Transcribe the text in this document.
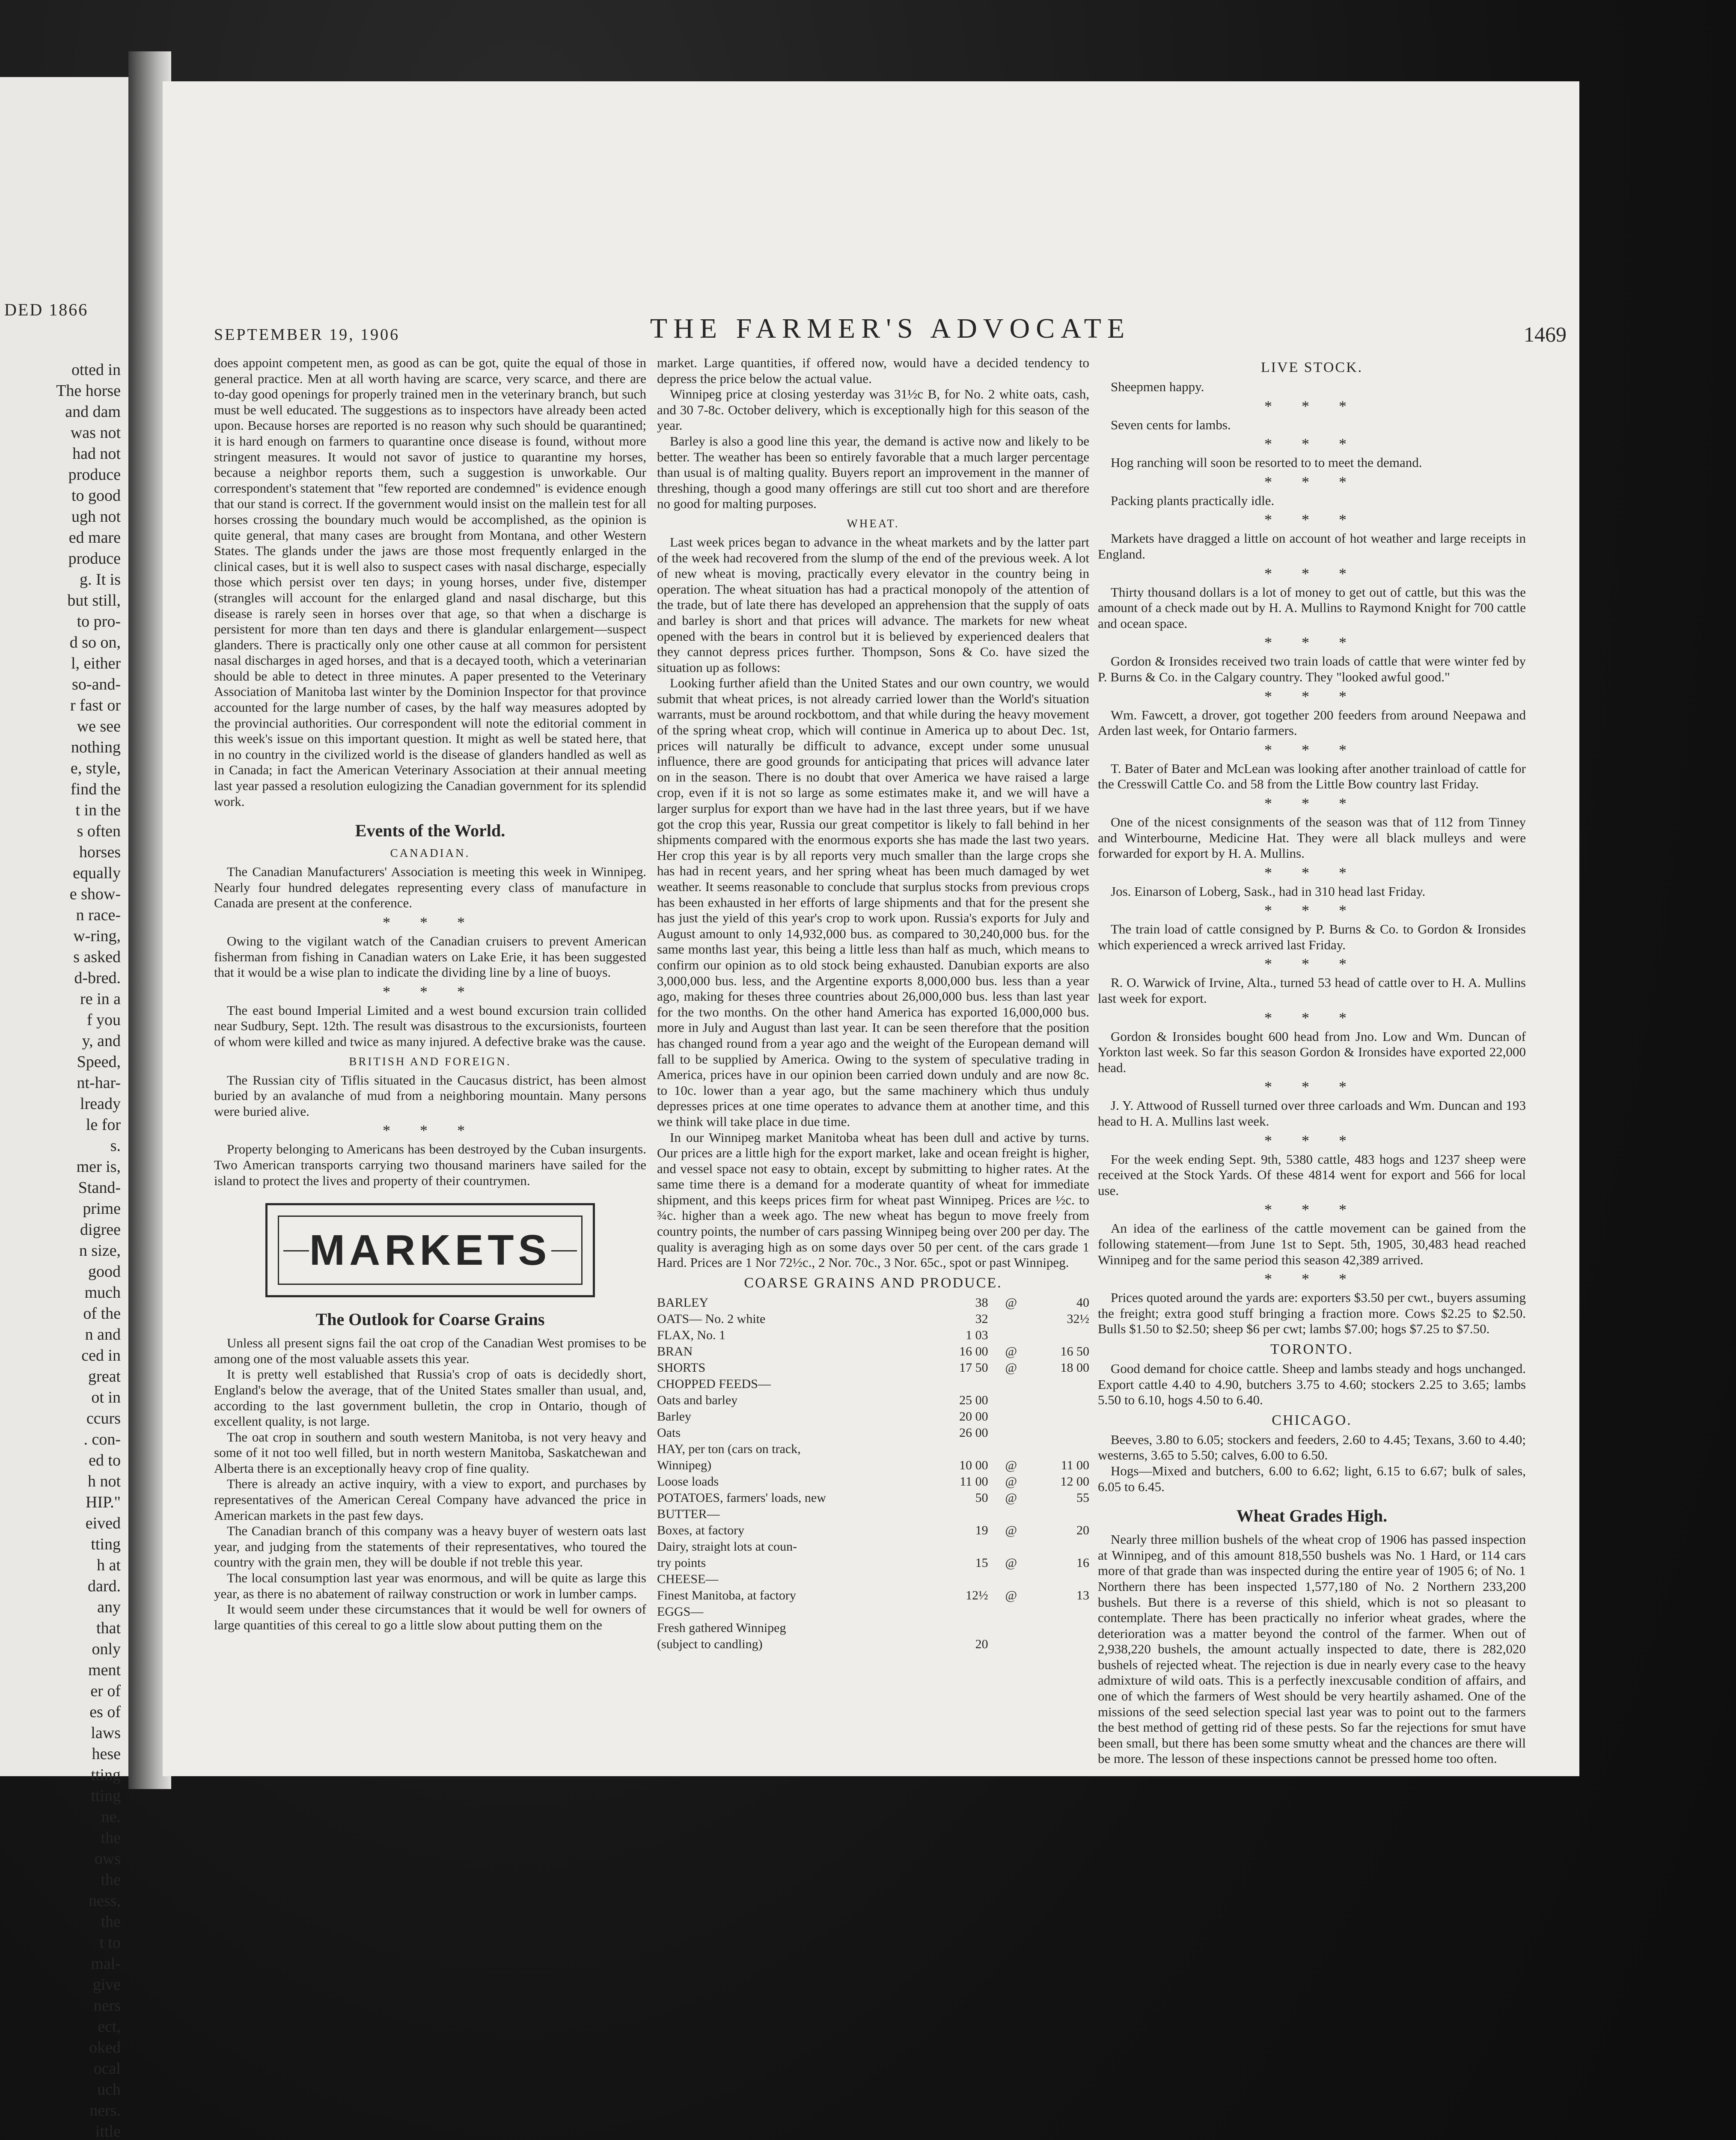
DED 1866
otted in
The horse
and dam
was not
had not
produce
to good
ugh not
ed mare
produce
g. It is
but still,
to pro-
d so on,
l, either
so-and-
r fast or
we see
nothing
e, style,
find the
t in the
s often
horses
equally
e show-
n race-
w-ring,
s asked
d-bred.
re in a
f you
y, and
Speed,
nt-har-
lready
le for
s.
mer is,
Stand-
prime
digree
n size,
good
much
of the
n and
ced in
great
ot in
ccurs
. con-
ed to
h not
HIP."
eived
tting
h at
dard.
any
that
only
ment
er of
es of
laws
hese
tting
tting
ne.
the
ows
the
ness,
the
t to
mal-
give
ners
ect,
oked
ocal
uch
ners.
ittle
SEPTEMBER 19, 1906	THE FARMER'S ADVOCATE	1469

does appoint competent men, as good as can be got, quite the equal of those in general practice. Men at all worth having are scarce, very scarce, and there are to-day good openings for properly trained men in the veterinary branch, but such must be well educated. The suggestions as to inspectors have already been acted upon. Because horses are reported is no reason why such should be quarantined; it is hard enough on farmers to quarantine once disease is found, without more stringent measures. It would not savor of justice to quarantine my horses, because a neighbor reports them, such a suggestion is unworkable. Our correspondent's statement that "few reported are condemned" is evidence enough that our stand is correct. If the government would insist on the mallein test for all horses crossing the boundary much would be accomplished, as the opinion is quite general, that many cases are brought from Montana, and other Western States. The glands under the jaws are those most frequently enlarged in the clinical cases, but it is well also to suspect cases with nasal discharge, especially those which persist over ten days; in young horses, under five, distemper (strangles will account for the enlarged gland and nasal discharge, but this disease is rarely seen in horses over that age, so that when a discharge is persistent for more than ten days and there is glandular enlargement—suspect glanders. There is practically only one other cause at all common for persistent nasal discharges in aged horses, and that is a decayed tooth, which a veterinarian should be able to detect in three minutes. A paper presented to the Veterinary Association of Manitoba last winter by the Dominion Inspector for that province accounted for the large number of cases, by the half way measures adopted by the provincial authorities. Our correspondent will note the editorial comment in this week's issue on this important question. It might as well be stated here, that in no country in the civilized world is the disease of glanders handled as well as in Canada; in fact the American Veterinary Association at their annual meeting last year passed a resolution eulogizing the Canadian government for its splendid work.

Events of the World.
CANADIAN.

The Canadian Manufacturers' Association is meeting this week in Winnipeg. Nearly four hundred delegates representing every class of manufacture in Canada are present at the conference.

* * *

Owing to the vigilant watch of the Canadian cruisers to prevent American fisherman from fishing in Canadian waters on Lake Erie, it has been suggested that it would be a wise plan to indicate the dividing line by a line of buoys.

* * *

The east bound Imperial Limited and a west bound excursion train collided near Sudbury, Sept. 12th. The result was disastrous to the excursionists, fourteen of whom were killed and twice as many injured. A defective brake was the cause.

BRITISH AND FOREIGN.

The Russian city of Tiflis situated in the Caucasus district, has been almost buried by an avalanche of mud from a neighboring mountain. Many persons were buried alive.

* * *

Property belonging to Americans has been destroyed by the Cuban insurgents. Two American transports carrying two thousand mariners have sailed for the island to protect the lives and property of their countrymen.

MARKETS
The Outlook for Coarse Grains

Unless all present signs fail the oat crop of the Canadian West promises to be among one of the most valuable assets this year.

It is pretty well established that Russia's crop of oats is decidedly short, England's below the average, that of the United States smaller than usual, and, according to the last government bulletin, the crop in Ontario, though of excellent quality, is not large.

The oat crop in southern and south western Manitoba, is not very heavy and some of it not too well filled, but in north western Manitoba, Saskatchewan and Alberta there is an exceptionally heavy crop of fine quality.

There is already an active inquiry, with a view to export, and purchases by representatives of the American Cereal Company have advanced the price in American markets in the past few days.

The Canadian branch of this company was a heavy buyer of western oats last year, and judging from the statements of their representatives, who toured the country with the grain men, they will be double if not treble this year.

The local consumption last year was enormous, and will be quite as large this year, as there is no abatement of railway construction or work in lumber camps.

It would seem under these circumstances that it would be well for owners of large quantities of this cereal to go a little slow about putting them on the

market. Large quantities, if offered now, would have a decided tendency to depress the price below the actual value.

Winnipeg price at closing yesterday was 31½c B, for No. 2 white oats, cash, and 30 7-8c. October delivery, which is exceptionally high for this season of the year.

Barley is also a good line this year, the demand is active now and likely to be better. The weather has been so entirely favorable that a much larger percentage than usual is of malting quality. Buyers report an improvement in the manner of threshing, though a good many offerings are still cut too short and are therefore no good for malting purposes.

WHEAT.

Last week prices began to advance in the wheat markets and by the latter part of the week had recovered from the slump of the end of the previous week. A lot of new wheat is moving, practically every elevator in the country being in operation. The wheat situation has had a practical monopoly of the attention of the trade, but of late there has developed an apprehension that the supply of oats and barley is short and that prices will advance. The markets for new wheat opened with the bears in control but it is believed by experienced dealers that they cannot depress prices further. Thompson, Sons & Co. have sized the situation up as follows:

Looking further afield than the United States and our own country, we would submit that wheat prices, is not already carried lower than the World's situation warrants, must be around rockbottom, and that while during the heavy movement of the spring wheat crop, which will continue in America up to about Dec. 1st, prices will naturally be difficult to advance, except under some unusual influence, there are good grounds for anticipating that prices will advance later on in the season. There is no doubt that over America we have raised a large crop, even if it is not so large as some estimates make it, and we will have a larger surplus for export than we have had in the last three years, but if we have got the crop this year, Russia our great competitor is likely to fall behind in her shipments compared with the enormous exports she has made the last two years. Her crop this year is by all reports very much smaller than the large crops she has had in recent years, and her spring wheat has been much damaged by wet weather. It seems reasonable to conclude that surplus stocks from previous crops has been exhausted in her efforts of large shipments and that for the present she has just the yield of this year's crop to work upon. Russia's exports for July and August amount to only 14,932,000 bus. as compared to 30,240,000 bus. for the same months last year, this being a little less than half as much, which means to confirm our opinion as to old stock being exhausted. Danubian exports are also 3,000,000 bus. less, and the Argentine exports 8,000,000 bus. less than a year ago, making for theses three countries about 26,000,000 bus. less than last year for the two months. On the other hand America has exported 16,000,000 bus. more in July and August than last year. It can be seen therefore that the position has changed round from a year ago and the weight of the European demand will fall to be supplied by America. Owing to the system of speculative trading in America, prices have in our opinion been carried down unduly and are now 8c. to 10c. lower than a year ago, but the same machinery which thus unduly depresses prices at one time operates to advance them at another time, and this we think will take place in due time.

In our Winnipeg market Manitoba wheat has been dull and active by turns. Our prices are a little high for the export market, lake and ocean freight is higher, and vessel space not easy to obtain, except by submitting to higher rates. At the same time there is a demand for a moderate quantity of wheat for immediate shipment, and this keeps prices firm for wheat past Winnipeg. Prices are ½c. to ¾c. higher than a week ago. The new wheat has begun to move freely from country points, the number of cars passing Winnipeg being over 200 per day. The quality is averaging high as on some days over 50 per cent. of the cars grade 1 Hard. Prices are 1 Nor 72½c., 2 Nor. 70c., 3 Nor. 65c., spot or past Winnipeg.

COARSE GRAINS AND PRODUCE.
BARLEY	38	@	40
OATS— No. 2 white	32		32½
FLAX, No. 1	1 03		
BRAN	16 00	@	16 50
SHORTS	17 50	@	18 00
CHOPPED FEEDS—			
Oats and barley	25 00		
Barley	20 00		
Oats	26 00		
HAY, per ton (cars on track,			
Winnipeg)	10 00	@	11 00
Loose loads	11 00	@	12 00
POTATOES, farmers' loads, new	50	@	55
BUTTER—			
Boxes, at factory	19	@	20
Dairy, straight lots at coun-			
try points	15	@	16
CHEESE—			
Finest Manitoba, at factory	12½	@	13
EGGS—			
Fresh gathered Winnipeg			
(subject to candling)	20		
LIVE STOCK.

Sheepmen happy.

* * *

Seven cents for lambs.

* * *

Hog ranching will soon be resorted to to meet the demand.

* * *

Packing plants practically idle.

* * *

Markets have dragged a little on account of hot weather and large receipts in England.

* * *

Thirty thousand dollars is a lot of money to get out of cattle, but this was the amount of a check made out by H. A. Mullins to Raymond Knight for 700 cattle and ocean space.

* * *

Gordon & Ironsides received two train loads of cattle that were winter fed by P. Burns & Co. in the Calgary country. They "looked awful good."

* * *

Wm. Fawcett, a drover, got together 200 feeders from around Neepawa and Arden last week, for Ontario farmers.

* * *

T. Bater of Bater and McLean was looking after another trainload of cattle for the Cresswill Cattle Co. and 58 from the Little Bow country last Friday.

* * *

One of the nicest consignments of the season was that of 112 from Tinney and Winterbourne, Medicine Hat. They were all black mulleys and were forwarded for export by H. A. Mullins.

* * *

Jos. Einarson of Loberg, Sask., had in 310 head last Friday.

* * *

The train load of cattle consigned by P. Burns & Co. to Gordon & Ironsides which experienced a wreck arrived last Friday.

* * *

R. O. Warwick of Irvine, Alta., turned 53 head of cattle over to H. A. Mullins last week for export.

* * *

Gordon & Ironsides bought 600 head from Jno. Low and Wm. Duncan of Yorkton last week. So far this season Gordon & Ironsides have exported 22,000 head.

* * *

J. Y. Attwood of Russell turned over three carloads and Wm. Duncan and 193 head to H. A. Mullins last week.

* * *

For the week ending Sept. 9th, 5380 cattle, 483 hogs and 1237 sheep were received at the Stock Yards. Of these 4814 went for export and 566 for local use.

* * *

An idea of the earliness of the cattle movement can be gained from the following statement—from June 1st to Sept. 5th, 1905, 30,483 head reached Winnipeg and for the same period this season 42,389 arrived.

* * *

Prices quoted around the yards are: exporters $3.50 per cwt., buyers assuming the freight; extra good stuff bringing a fraction more. Cows $2.25 to $2.50. Bulls $1.50 to $2.50; sheep $6 per cwt; lambs $7.00; hogs $7.25 to $7.50.

TORONTO.

Good demand for choice cattle. Sheep and lambs steady and hogs unchanged. Export cattle 4.40 to 4.90, butchers 3.75 to 4.60; stockers 2.25 to 3.65; lambs 5.50 to 6.10, hogs 4.50 to 6.40.

CHICAGO.

Beeves, 3.80 to 6.05; stockers and feeders, 2.60 to 4.45; Texans, 3.60 to 4.40; westerns, 3.65 to 5.50; calves, 6.00 to 6.50.

Hogs—Mixed and butchers, 6.00 to 6.62; light, 6.15 to 6.67; bulk of sales, 6.05 to 6.45.

Wheat Grades High.

Nearly three million bushels of the wheat crop of 1906 has passed inspection at Winnipeg, and of this amount 818,550 bushels was No. 1 Hard, or 114 cars more of that grade than was inspected during the entire year of 1905 6; of No. 1 Northern there has been inspected 1,577,180 of No. 2 Northern 233,200 bushels. But there is a reverse of this shield, which is not so pleasant to contemplate. There has been practically no inferior wheat grades, where the deterioration was a matter beyond the control of the farmer. When out of 2,938,220 bushels, the amount actually inspected to date, there is 282,020 bushels of rejected wheat. The rejection is due in nearly every case to the heavy admixture of wild oats. This is a perfectly inexcusable condition of affairs, and one of which the farmers of West should be very heartily ashamed. One of the missions of the seed selection special last year was to point out to the farmers the best method of getting rid of these pests. So far the rejections for smut have been small, but there has been some smutty wheat and the chances are there will be more. The lesson of these inspections cannot be pressed home too often.
